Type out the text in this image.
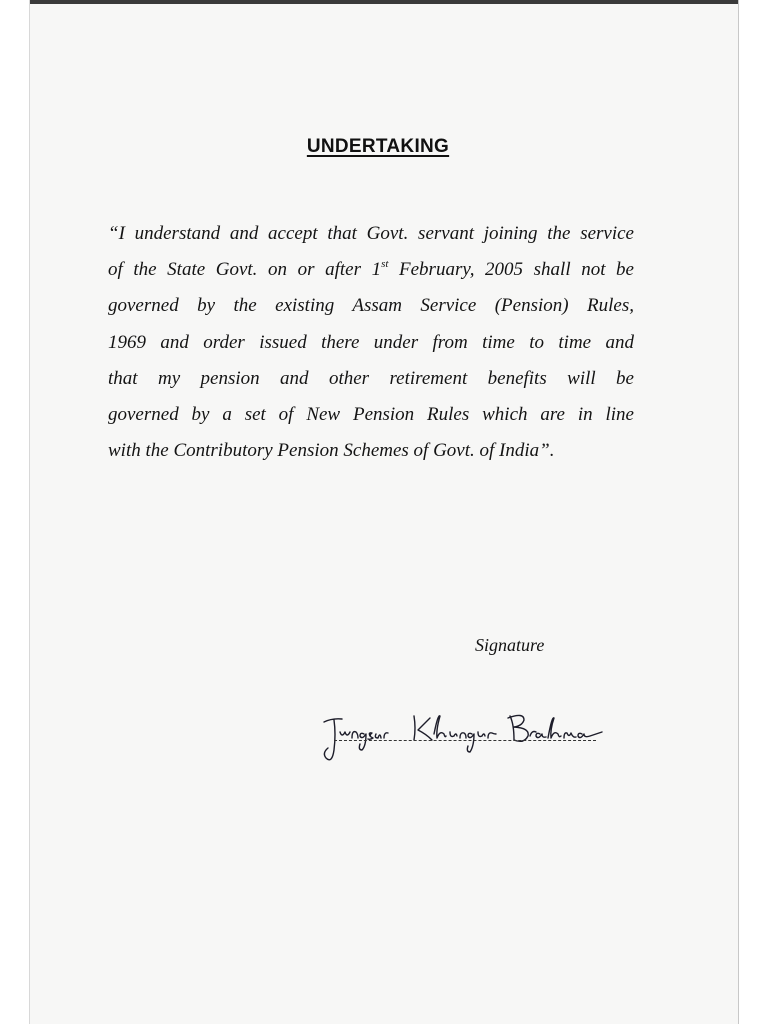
UNDERTAKING
“I understand and accept that Govt. servant joining the service
of the State Govt. on or after 1st February, 2005 shall not be
governed by the existing Assam Service (Pension) Rules,
1969 and order issued there under from time to time and
that my pension and other retirement benefits will be
governed by a set of New Pension Rules which are in line
with the Contributory Pension Schemes of Govt. of India”.
Signature
